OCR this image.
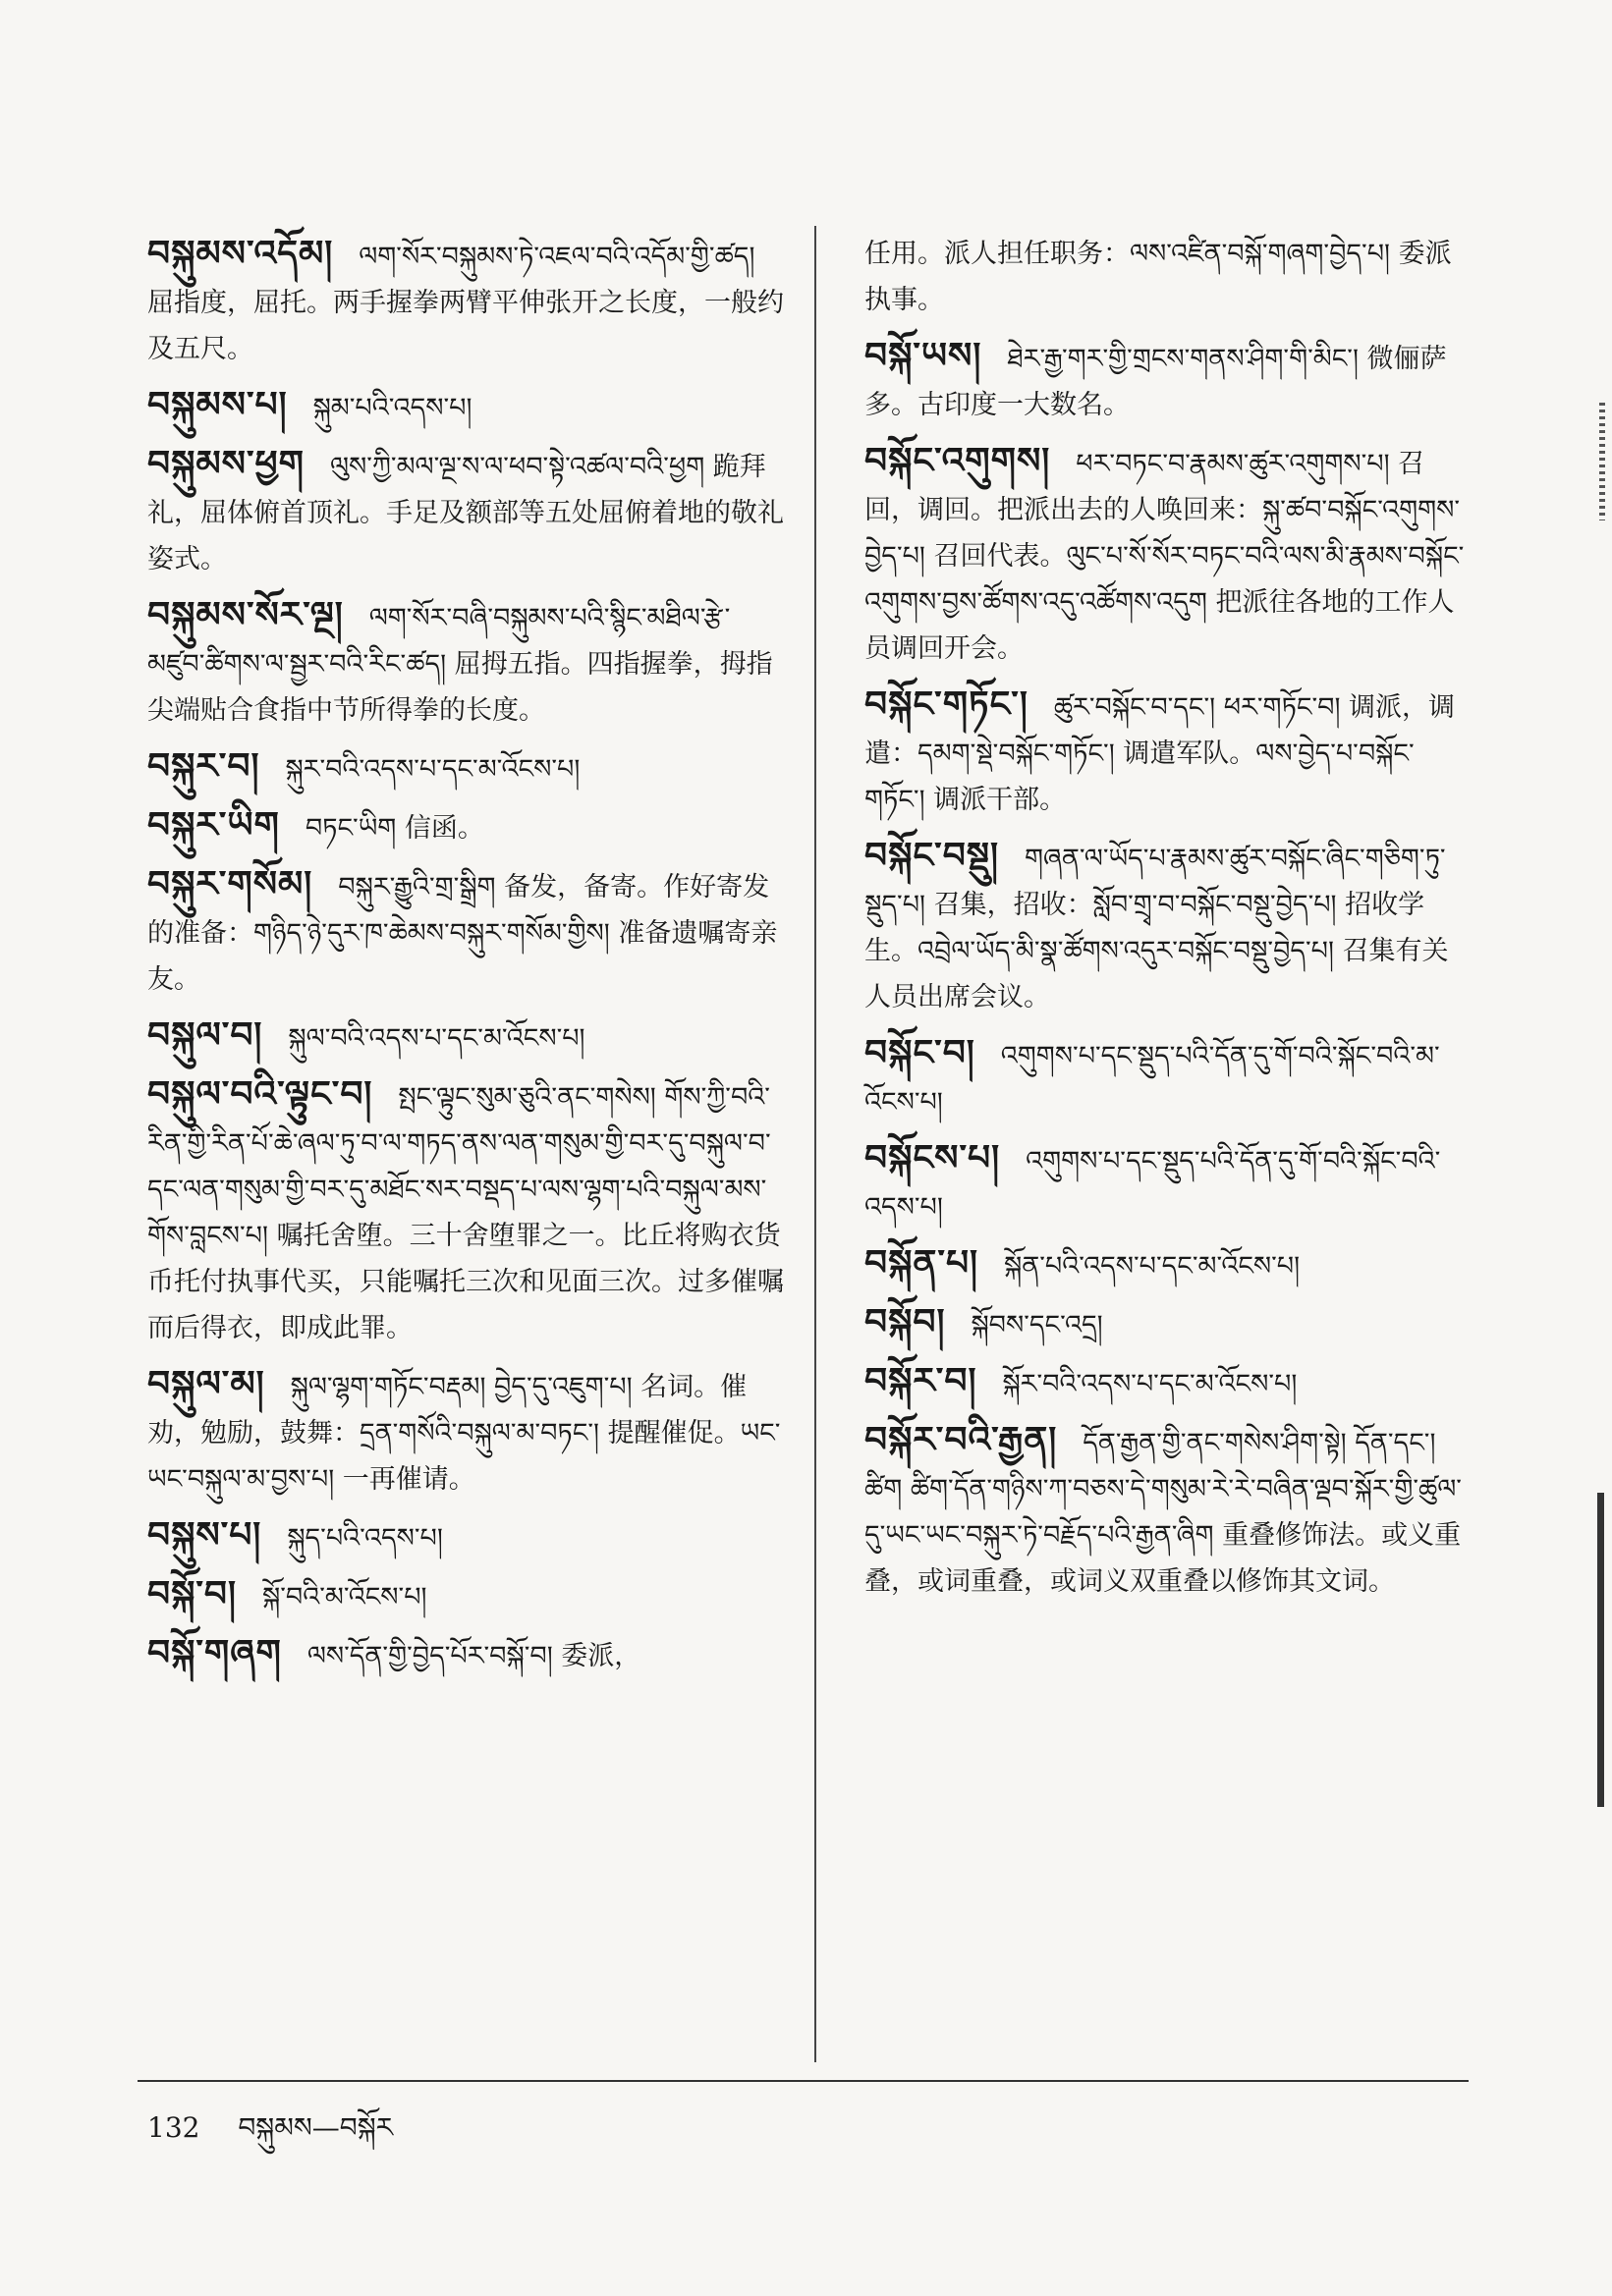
བསྐུམས་འདོམ། ལག་སོར་བསྐུམས་ཏེ་འཇལ་བའི་འདོམ་གྱི་ཚད། 屈指度，屈托。两手握拳两臂平伸张开之长度，一般约及五尺。
བསྐུམས་པ། སྐུམ་པའི་འདས་པ།
བསྐུམས་ཕྱག ལུས་ཀྱི་མལ་ལྔ་ས་ལ་ཕབ་སྟེ་འཚལ་བའི་ཕྱག 跪拜礼，屈体俯首顶礼。手足及额部等五处屈俯着地的敬礼姿式。
བསྐུམས་སོར་ལྔ། ལག་སོར་བཞི་བསྐུམས་པའི་སྙིང་མཐིལ་རྩེ་མཛུབ་ཚིགས་ལ་སྦྱར་བའི་རིང་ཚད། 屈拇五指。四指握拳，拇指尖端贴合食指中节所得拳的长度。
བསྐུར་བ། སྐུར་བའི་འདས་པ་དང་མ་འོངས་པ།
བསྐུར་ཡིག བཏང་ཡིག 信函。
བསྐུར་གསོམ། བསྐུར་རྒྱུའི་གྲ་སྒྲིག 备发，备寄。作好寄发的准备：གཉིད་ཉེ་དུར་ཁ་ཆེམས་བསྐུར་གསོམ་གྱིས། 准备遗嘱寄亲友。
བསྐུལ་བ། སྐུལ་བའི་འདས་པ་དང་མ་འོངས་པ།
བསྐུལ་བའི་ལྟུང་བ། སྤང་ལྟུང་སུམ་ཅུའི་ནང་གསེས། གོས་ཀྱི་བའི་རིན་གྱི་རིན་པོ་ཆེ་ཞལ་ཏུ་བ་ལ་གཏད་ནས་ལན་གསུམ་གྱི་བར་དུ་བསྐུལ་བ་དང་ལན་གསུམ་གྱི་བར་དུ་མཐོང་སར་བསྡད་པ་ལས་ལྷག་པའི་བསྐུལ་མས་གོས་བླངས་པ། 嘱托舍堕。三十舍堕罪之一。比丘将购衣货币托付执事代买，只能嘱托三次和见面三次。过多催嘱而后得衣，即成此罪。
བསྐུལ་མ། སྐུལ་ལྷག་གཏོང་བརྡམ། བྱེད་དུ་འཇུག་པ། 名词。催劝，勉励，鼓舞：དྲན་གསོའི་བསྐུལ་མ་བཏང་། 提醒催促。ཡང་ཡང་བསྐུལ་མ་བྱས་པ། 一再催请。
བསྐུས་པ། སྐུད་པའི་འདས་པ།
བསྐོ་བ། སྐོ་བའི་མ་འོངས་པ།
བསྐོ་གཞག ལས་དོན་གྱི་བྱེད་པོར་བསྐོ་བ། 委派，
任用。派人担任职务：ལས་འཛིན་བསྐོ་གཞག་བྱེད་པ། 委派执事。
བསྐོ་ཡས། ཐེར་རྒྱ་གར་གྱི་གྲངས་གནས་ཤིག་གི་མིང་། 微俪萨多。古印度一大数名。
བསྐོང་འགུགས། ཕར་བཏང་བ་རྣམས་ཚུར་འགུགས་པ། 召回，调回。把派出去的人唤回来：སྐུ་ཚབ་བསྐོང་འགུགས་བྱེད་པ། 召回代表。ལུང་པ་སོ་སོར་བཏང་བའི་ལས་མི་རྣམས་བསྐོང་འགུགས་བྱས་ཚོགས་འདུ་འཚོགས་འདུག 把派往各地的工作人员调回开会。
བསྐོང་གཏོང་། ཚུར་བསྐོང་བ་དང་། ཕར་གཏོང་བ། 调派，调遣：དམག་སྡེ་བསྐོང་གཏོང་། 调遣军队。ལས་བྱེད་པ་བསྐོང་གཏོང་། 调派干部。
བསྐོང་བསྡུ། གཞན་ལ་ཡོད་པ་རྣམས་ཚུར་བསྐོང་ཞིང་གཅིག་ཏུ་སྡུད་པ། 召集，招收：སློབ་གྲྭ་བ་བསྐོང་བསྡུ་བྱེད་པ། 招收学生。འབྲེལ་ཡོད་མི་སྣ་ཚོགས་འདུར་བསྐོང་བསྡུ་བྱེད་པ། 召集有关人员出席会议。
བསྐོང་བ། འགུགས་པ་དང་སྡུད་པའི་དོན་དུ་གོ་བའི་སྐོང་བའི་མ་འོངས་པ།
བསྐོངས་པ། འགུགས་པ་དང་སྡུད་པའི་དོན་དུ་གོ་བའི་སྐོང་བའི་འདས་པ།
བསྐོན་པ། སྐོན་པའི་འདས་པ་དང་མ་འོངས་པ།
བསྐོབ། སྐོབས་དང་འདྲ།
བསྐོར་བ། སྐོར་བའི་འདས་པ་དང་མ་འོངས་པ།
བསྐོར་བའི་རྒྱན། དོན་རྒྱན་གྱི་ནང་གསེས་ཤིག་སྟེ། དོན་དང་། ཚིག ཚིག་དོན་གཉིས་ཀ་བཅས་དེ་གསུམ་རེ་རེ་བཞིན་ལྡབ་སྐོར་གྱི་ཚུལ་དུ་ཡང་ཡང་བསྐུར་ཏེ་བརྗོད་པའི་རྒྱན་ཞིག 重叠修饰法。或义重叠，或词重叠，或词义双重叠以修饰其文词。
132 བསྐུམས—བསྐོར
